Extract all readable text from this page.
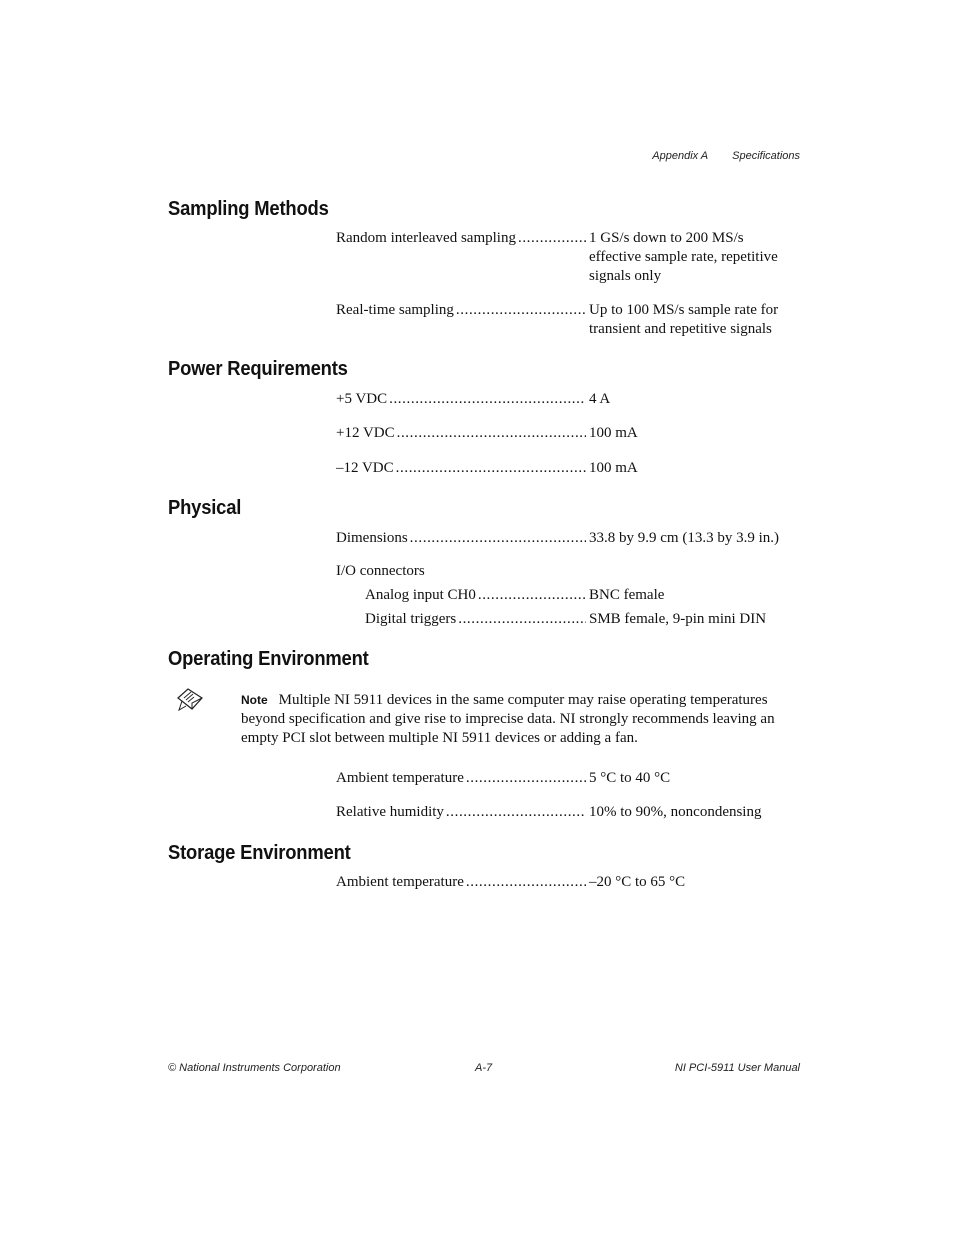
Appendix A Specifications
Sampling Methods
Random interleaved sampling .....	1 GS/s down to 200 MS/s
effective sample rate, repetitive
signals only
Real-time sampling .....	Up to 100 MS/s sample rate for
transient and repetitive signals
Power Requirements
+5 VDC .....	4 A
+12 VDC .....	100 mA
–12 VDC .....	100 mA
Physical
Dimensions .....	33.8 by 9.9 cm (13.3 by 3.9 in.)
I/O connectors
Analog input CH0 .....	BNC female
Digital triggers .....	SMB female, 9-pin mini DIN
Operating Environment
Note Multiple NI 5911 devices in the same computer may raise operating temperatures beyond specification and give rise to imprecise data. NI strongly recommends leaving an empty PCI slot between multiple NI 5911 devices or adding a fan.
Ambient temperature .....	5 °C to 40 °C
Relative humidity .....	10% to 90%, noncondensing
Storage Environment
Ambient temperature .....	–20 °C to 65 °C
© National Instruments Corporation	A-7	NI PCI-5911 User Manual
